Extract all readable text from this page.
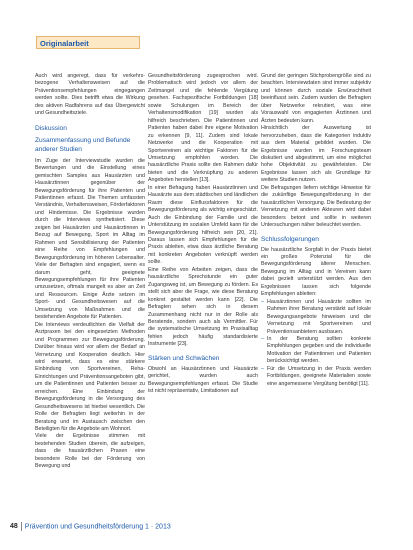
Originalarbeit

Auch wird angeregt, dass für verkehrs- bezogene Verhaltensweisen auf die Präventionsempfehlungen eingegangen werden sollte. Dies betrifft etwa die Wirkung des aktiven Radfahrens auf das Übergewicht und Gesundheitsziele.

Diskussion

Zusammenfassung und Befunde anderer Studien

Im Zuge der Interviewstudie wurden die Bewertungen und die Einstellung eines gemischten Samples aus Hausärzten und Hausärztinnen gegenüber der Bewegungsförderung für ihre Patienten und Patientinnen erfasst. Die Themen umfassten Verständnis, Verhaltensweisen, Förderfaktoren und Hindernisse. Die Ergebnisse wurden durch die Interviews synthetisiert. Diese zeigen bei Hausärzten und Hausärztinnen in Bezug auf Bewegung, Sport im Alltag im Rahmen und Sensibilisierung der Patienten eine Reihe von Empfehlungen und Bewegungsförderung im höheren Lebensalter. Viele der Befragten sind engagiert, wenn es darum geht, geeignete Bewegungsempfehlungen für ihre Patienten umzusetzen, oftmals mangelt es aber an Zeit und Ressourcen. Einige Ärzte setzen im Sport- und Gesundheitswesen auf die Umsetzung von Maßnahmen und die bestehenden Angebote für Patienten.

Die Interviews verdeutlichten die Vielfalt der Arztpraxen bei den eingesetzten Methoden und Programmen zur Bewegungsförderung. Darüber hinaus wird vor allem der Bedarf an Vernetzung und Kooperation deutlich. Hier wird erwartet, dass es eine stärkere Einbindung von Sportvereinen, Reha-Einrichtungen und Präventionsangeboten gibt, um die Patientinnen und Patienten besser zu erreichen. Eine Einbindung der Bewegungsförderung in die Versorgung des Gesundheitswesens ist hierbei wesentlich. Die Rolle der Befragten liegt weiterhin in der Beratung und im Austausch zwischen den Beteiligten für die Angebote am Wohnort.

Viele der Ergebnisse stimmen mit bestehenden Studien überein, die aufzeigen, dass die hausärztlichen Praxen eine besondere Rolle bei der Förderung von Bewegung und

Gesundheitsförderung zugesprochen wird. Problematisch wird jedoch vor allem der Zeitmangel und die fehlende Vergütung gesehen. Fachspezifische Fortbildungen [18] sowie Schulungen im Bereich der Verhaltensmodifikation [19] wurden als hilfreich beschrieben. Die Patientinnen und Patienten haben dabei ihre eigene Motivation zu erkennen [9, 11]. Zudem sind lokale Netzwerke und die Kooperation mit Sportvereinen als wichtige Faktoren für die Umsetzung empfohlen worden. Die hausärztliche Praxis sollte den Rahmen dafür bieten und die Verknüpfung zu anderen Angeboten herstellen [13].

In einer Befragung haben Hausärztinnen und Hausärzte aus dem städtischen und ländlichen Raum diese Einflussfaktoren für die Bewegungsförderung als wichtig eingeschätzt. Auch die Einbindung der Familie und die Unterstützung im sozialen Umfeld kann für die Bewegungsförderung hilfreich sein [20, 21]. Daraus lassen sich Empfehlungen für die Praxis ableiten, etwa dass ärztliche Beratung mit konkreten Angeboten verknüpft werden sollte.

Eine Reihe von Arbeiten zeigen, dass die hausärztliche Sprechstunde ein guter Zugangsweg ist, um Bewegung zu fördern. Es stellt sich aber die Frage, wie diese Beratung konkret gestaltet werden kann [22]. Die Befragten sehen sich in diesem Zusammenhang nicht nur in der Rolle als Beratende, sondern auch als Vermittler. Für die systematische Umsetzung im Praxisalltag fehlen jedoch häufig standardisierte Instrumente [23].

Stärken und Schwächen

Obwohl an Hausärztinnen und Hausärzte gerichtet, wurden auch Bewegungsempfehlungen erfasst. Die Studie ist nicht repräsentativ, Limitationen auf

Grund der geringen Stichprobengröße sind zu beachten. Interviewdaten sind immer subjektiv und können durch soziale Erwünschtheit beeinflusst sein. Zudem wurden die Befragten über Netzwerke rekrutiert, was eine Vorauswahl von engagierten Ärztinnen und Ärzten bedeuten kann.

Hinsichtlich der Auswertung ist hervorzuheben, dass die Kategorien induktiv aus dem Material gebildet wurden. Die Ergebnisse wurden im Forschungsteam diskutiert und abgestimmt, um eine möglichst hohe Objektivität zu gewährleisten. Die Ergebnisse lassen sich als Grundlage für weitere Studien nutzen.

Die Befragungen liefern wichtige Hinweise für die zukünftige Bewegungsförderung in der hausärztlichen Versorgung. Die Bedeutung der Vernetzung mit anderen Akteuren wird dabei besonders betont und sollte in weiteren Untersuchungen näher beleuchtet werden.

Schlussfolgerungen

Die hausärztliche Sorgfalt in der Praxis bietet ein großes Potenzial für die Bewegungsförderung älterer Menschen. Bewegung im Alltag und in Vereinen kann dabei gezielt unterstützt werden. Aus den Ergebnissen lassen sich folgende Empfehlungen ableiten:

– Hausärztinnen und Hausärzte sollten im Rahmen ihrer Beratung verstärkt auf lokale Bewegungsangebote hinweisen und die Vernetzung mit Sportvereinen und Präventionsanbietern ausbauen.
– In der Beratung sollten konkrete Empfehlungen gegeben und die individuelle Motivation der Patientinnen und Patienten berücksichtigt werden.
– Für die Umsetzung in der Praxis werden Fortbildungen, geeignete Materialien sowie eine angemessene Vergütung benötigt [11].
48 Prävention und Gesundheitsförderung 1 · 2013
